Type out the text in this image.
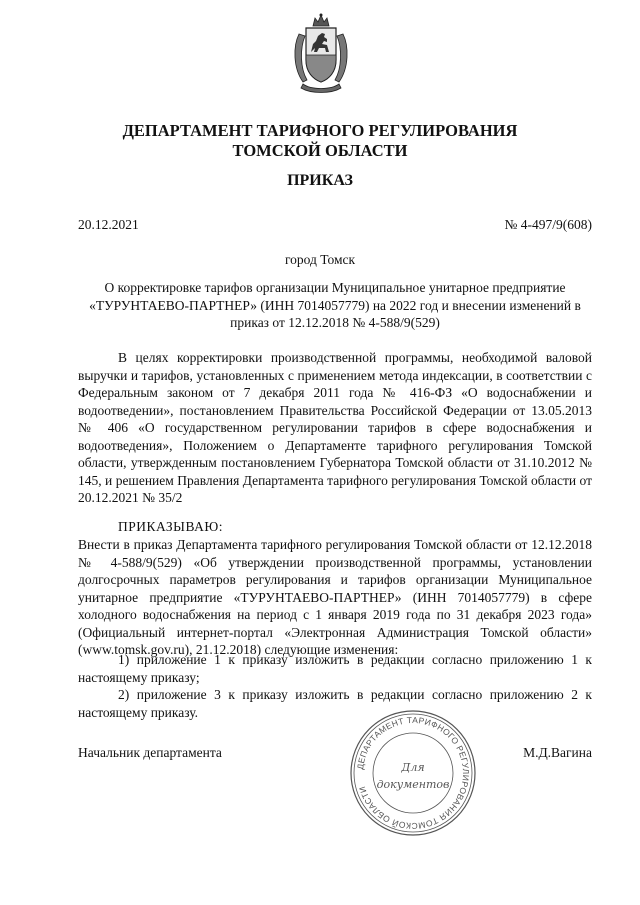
ДЕПАРТАМЕНТ ТАРИФНОГО РЕГУЛИРОВАНИЯ
ТОМСКОЙ ОБЛАСТИ
ПРИКАЗ
20.12.2021	№ 4-497/9(608)
город Томск
О корректировке тарифов организации Муниципальное унитарное предприятие
«ТУРУНТАЕВО-ПАРТНЕР» (ИНН 7014057779) на 2022 год и внесении изменений в
приказ от 12.12.2018 № 4-588/9(529)

В целях корректировки производственной программы, необходимой валовой выручки и тарифов, установленных с применением метода индексации, в соответствии с Федеральным законом от 7 декабря 2011 года № 416-ФЗ «О водоснабжении и водоотведении», постановлением Правительства Российской Федерации от 13.05.2013 № 406 «О государственном регулировании тарифов в сфере водоснабжения и водоотведения», Положением о Департаменте тарифного регулирования Томской области, утвержденным постановлением Губернатора Томской области от 31.10.2012 № 145, и решением Правления Департамента тарифного регулирования Томской области от 20.12.2021 № 35/2

ПРИКАЗЫВАЮ:

Внести в приказ Департамента тарифного регулирования Томской области от 12.12.2018 № 4-588/9(529) «Об утверждении производственной программы, установлении долгосрочных параметров регулирования и тарифов организации Муниципальное унитарное предприятие «ТУРУНТАЕВО-ПАРТНЕР» (ИНН 7014057779) в сфере холодного водоснабжения на период с 1 января 2019 года по 31 декабря 2023 года» (Официальный интернет-портал «Электронная Администрация Томской области» (www.tomsk.gov.ru), 21.12.2018) следующие изменения:

1) приложение 1 к приказу изложить в редакции согласно приложению 1 к настоящему приказу;

2) приложение 3 к приказу изложить в редакции согласно приложению 2 к настоящему приказу.

Начальник департамента	М.Д.Вагина
ДЕПАРТАМЕНТ ТАРИФНОГО РЕГУЛИРОВАНИЯ ТОМСКОЙ ОБЛАСТИ
Для
документов
